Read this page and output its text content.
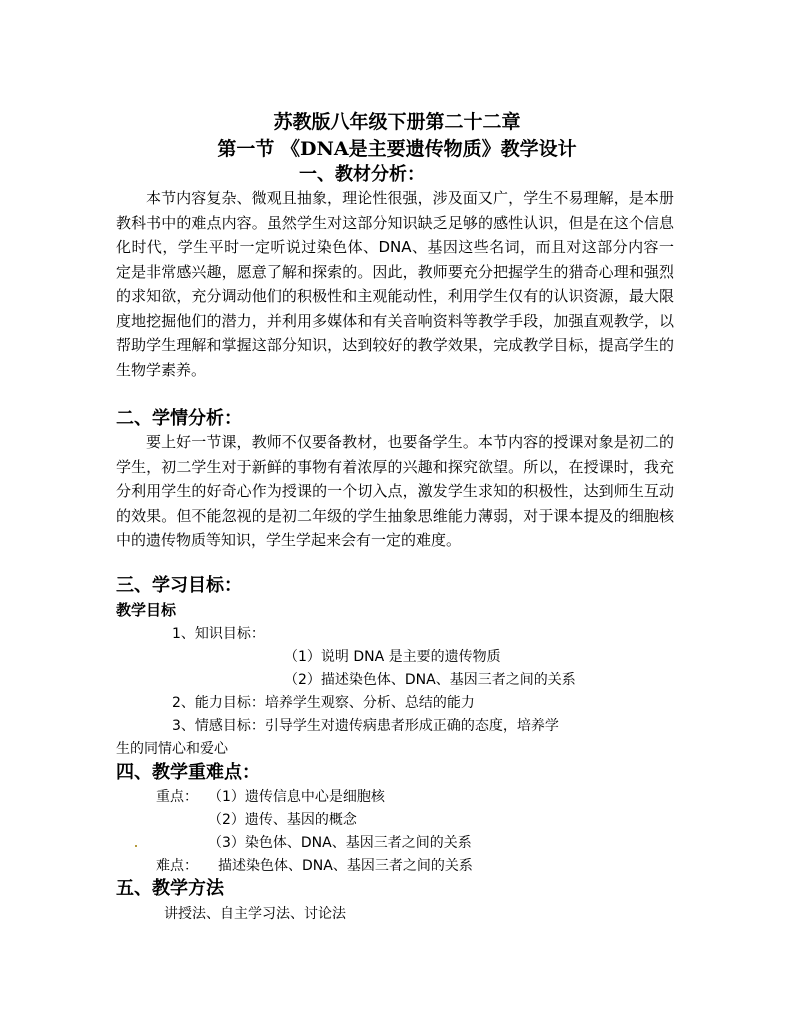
苏教版八年级下册第二十二章
第一节 《DNA是主要遗传物质》教学设计
一、教材分析：
本节内容复杂、微观且抽象，理论性很强，涉及面又广，学生不易理解，是本册教科书中的难点内容。虽然学生对这部分知识缺乏足够的感性认识，但是在这个信息化时代，学生平时一定听说过染色体、DNA、基因这些名词，而且对这部分内容一定是非常感兴趣，愿意了解和探索的。因此，教师要充分把握学生的猎奇心理和强烈的求知欲，充分调动他们的积极性和主观能动性，利用学生仅有的认识资源，最大限度地挖掘他们的潜力，并利用多媒体和有关音响资料等教学手段，加强直观教学，以帮助学生理解和掌握这部分知识，达到较好的教学效果，完成教学目标，提高学生的生物学素养。
二、学情分析：
要上好一节课，教师不仅要备教材，也要备学生。本节内容的授课对象是初二的学生，初二学生对于新鲜的事物有着浓厚的兴趣和探究欲望。所以，在授课时，我充分利用学生的好奇心作为授课的一个切入点，激发学生求知的积极性，达到师生互动的效果。但不能忽视的是初二年级的学生抽象思维能力薄弱，对于课本提及的细胞核中的遗传物质等知识，学生学起来会有一定的难度。
三、学习目标：
教学目标
1、知识目标：
（1）说明 DNA 是主要的遗传物质
（2）描述染色体、DNA、基因三者之间的关系
2、能力目标：培养学生观察、分析、总结的能力
3、情感目标：引导学生对遗传病患者形成正确的态度，培养学
生的同情心和爱心
四、教学重难点：
重点： （1）遗传信息中心是细胞核
（2）遗传、基因的概念
（3）染色体、DNA、基因三者之间的关系
难点： 描述染色体、DNA、基因三者之间的关系
五、教学方法
讲授法、自主学习法、讨论法
